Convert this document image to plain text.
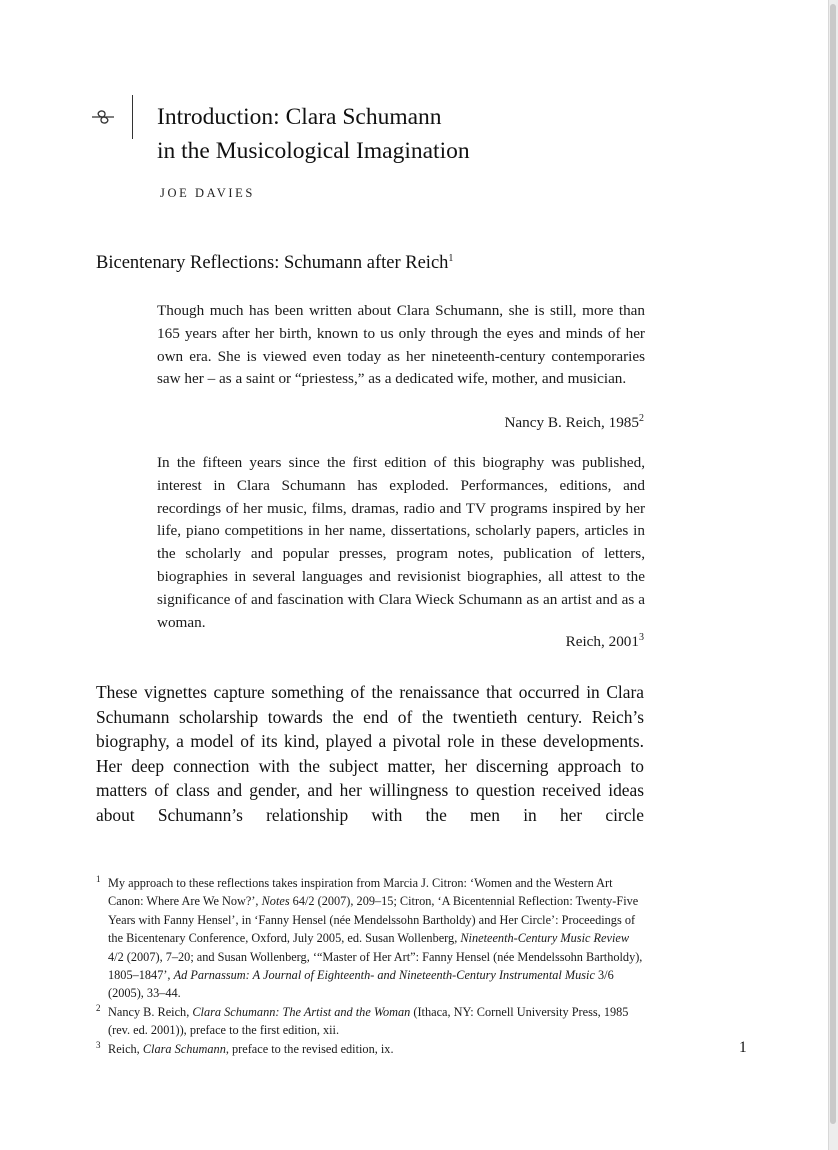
Introduction: Clara Schumann
in the Musicological Imagination
JOE DAVIES
Bicentenary Reflections: Schumann after Reich$^1$

Though much has been written about Clara Schumann, she is still, more than 165 years after her birth, known to us only through the eyes and minds of her own era. She is viewed even today as her nineteenth-century contemporaries saw her – as a saint or “priestess,” as a dedicated wife, mother, and musician.

Nancy B. Reich, 1985$^2$

In the fifteen years since the first edition of this biography was published, interest in Clara Schumann has exploded. Performances, editions, and recordings of her music, films, dramas, radio and TV programs inspired by her life, piano competitions in her name, dissertations, scholarly papers, articles in the scholarly and popular presses, program notes, publication of letters, biographies in several languages and revisionist biographies, all attest to the significance of and fascination with Clara Wieck Schumann as an artist and as a woman.

Reich, 2001$^3$

These vignettes capture something of the renaissance that occurred in Clara Schumann scholarship towards the end of the twentieth century. Reich’s biography, a model of its kind, played a pivotal role in these developments. Her deep connection with the subject matter, her discerning approach to matters of class and gender, and her willingness to question received ideas about Schumann’s relationship with the men in her circle

1 My approach to these reflections takes inspiration from Marcia J. Citron: ‘Women and the Western Art Canon: Where Are We Now?’, Notes 64/2 (2007), 209–15; Citron, ‘A Bicentennial Reflection: Twenty-Five Years with Fanny Hensel’, in ‘Fanny Hensel (née Mendelssohn Bartholdy) and Her Circle’: Proceedings of the Bicentenary Conference, Oxford, July 2005, ed. Susan Wollenberg, Nineteenth-Century Music Review 4/2 (2007), 7–20; and Susan Wollenberg, ‘“Master of Her Art”: Fanny Hensel (née Mendelssohn Bartholdy), 1805–1847’, Ad Parnassum: A Journal of Eighteenth- and Nineteenth-Century Instrumental Music 3/6 (2005), 33–44.

2 Nancy B. Reich, Clara Schumann: The Artist and the Woman (Ithaca, NY: Cornell University Press, 1985 (rev. ed. 2001)), preface to the first edition, xii.

3 Reich, Clara Schumann, preface to the revised edition, ix.	1
